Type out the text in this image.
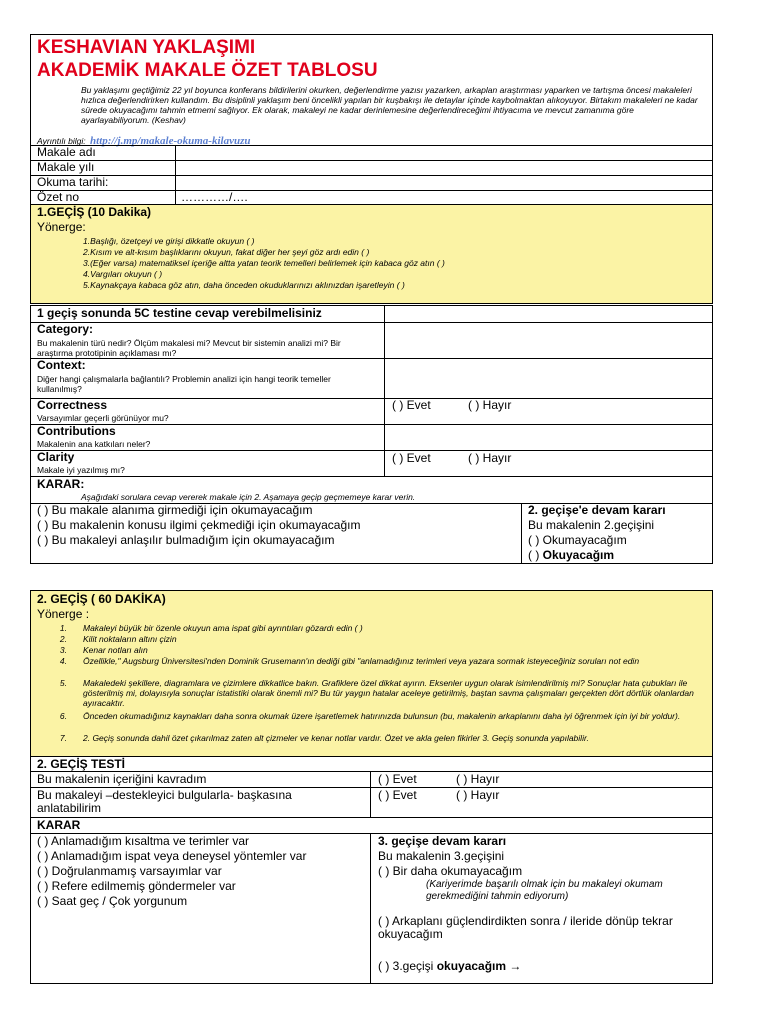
KESHAVIAN YAKLAŞIMI
AKADEMİK MAKALE ÖZET TABLOSU
Bu yaklaşımı geçtiğimiz 22 yıl boyunca konferans bildirilerini okurken, değerlendirme yazısı yazarken, arkaplan araştırması yaparken ve tartışma öncesi makaleleri hızlıca değerlendirirken kullandım. Bu disiplinli yaklaşım beni öncelikli yapılan bir kuşbakışı ile detaylar içinde kaybolmaktan alıkoyuyor. Birtakım makaleleri ne kadar sürede okuyacağımı tahmin etmemi sağlıyor. Ek olarak, makaleyi ne kadar derinlemesine değerlendireceğimi ihtiyacıma ve mevcut zamanıma göre ayarlayabiliyorum. (Keshav)
Ayrıntılı bilgi: http://j.mp/makale-okuma-kilavuzu
Makale adı
Makale yılı
Okuma tarihi:
Özet no	…………/….
1.GEÇİŞ (10 Dakika)
Yönerge:
1.Başlığı, özetçeyi ve girişi dikkatle okuyun ( )
2.Kısım ve alt-kısım başlıklarını okuyun, fakat diğer her şeyi göz ardı edin ( )
3.(Eğer varsa) matematiksel içeriğe altta yatan teorik temelleri belirlemek için kabaca göz atın ( )
4.Vargıları okuyun ( )
5.Kaynakçaya kabaca göz atın, daha önceden okuduklarınızı aklınızdan işaretleyin ( )
1 geçiş sonunda 5C testine cevap verebilmelisiniz
Category:
Bu makalenin türü nedir? Ölçüm makalesi mi? Mevcut bir sistemin analizi mi? Bir araştırma prototipinin açıklaması mı?
Context:
Diğer hangi çalışmalarla bağlantılı? Problemin analizi için hangi teorik temeller kullanılmış?
Correctness
Varsayımlar geçerli görünüyor mu?
( ) Evet	( ) Hayır
Contributions
Makalenin ana katkıları neler?
Clarity
Makale iyi yazılmış mı?
( ) Evet	( ) Hayır
KARAR:
Aşağıdaki sorulara cevap vererek makale için 2. Aşamaya geçip geçmemeye karar verin.
( ) Bu makale alanıma girmediği için okumayacağım
( ) Bu makalenin konusu ilgimi çekmediği için okumayacağım
( ) Bu makaleyi anlaşılır bulmadığım için okumayacağım
2. geçişe'e devam kararı
Bu makalenin 2.geçişini
( ) Okumayacağım
( ) Okuyacağım
2. GEÇİŞ ( 60 DAKİKA)
Yönerge :
1. Makaleyi büyük bir özenle okuyun ama ispat gibi ayrıntıları gözardı edin ( )
2. Kilit noktaların altını çizin
3. Kenar notları alın
4. Özellikle," Augsburg Üniversitesi'nden Dominik Grusemann'ın dediği gibi "anlamadığınız terimleri veya yazara sormak isteyeceğiniz soruları not edin
5. Makaledeki şekillere, diagramlara ve çizimlere dikkatlice bakın. Grafiklere özel dikkat ayırın. Eksenler uygun olarak isimlendirilmiş mi? Sonuçlar hata çubukları ile gösterilmiş mi, dolayısıyla sonuçlar istatistiki olarak önemli mi? Bu tür yaygın hatalar aceleye getirilmiş, baştan savma çalışmaları gerçekten dört dörtlük olanlardan ayıracaktır.
6. Önceden okumadığınız kaynakları daha sonra okumak üzere işaretlemek hatırınızda bulunsun (bu, makalenin arkaplanını daha iyi öğrenmek için iyi bir yoldur).
7. 2. Geçiş sonunda dahil özet çıkarılmaz zaten alt çizmeler ve kenar notlar vardır. Özet ve akla gelen fikirler 3. Geçiş sonunda yapılabilir.
2. GEÇİŞ TESTİ
Bu makalenin içeriğini kavradım	( ) Evet	( ) Hayır
Bu makaleyi –destekleyici bulgularla- başkasına anlatabilirim
( ) Evet	( ) Hayır
KARAR
( ) Anlamadığım kısaltma ve terimler var
( ) Anlamadığım ispat veya deneysel yöntemler var
( ) Doğrulanmamış varsayımlar var
( ) Refere edilmemiş göndermeler var
( ) Saat geç / Çok yorgunum
3. geçişe devam kararı
Bu makalenin 3.geçişini
( ) Bir daha okumayacağım
(Kariyerimde başarılı olmak için bu makaleyi okumam gerekmediğini tahmin ediyorum)
( ) Arkaplanı güçlendirdikten sonra / ileride dönüp tekrar okuyacağım
( ) 3.geçişi okuyacağım →
